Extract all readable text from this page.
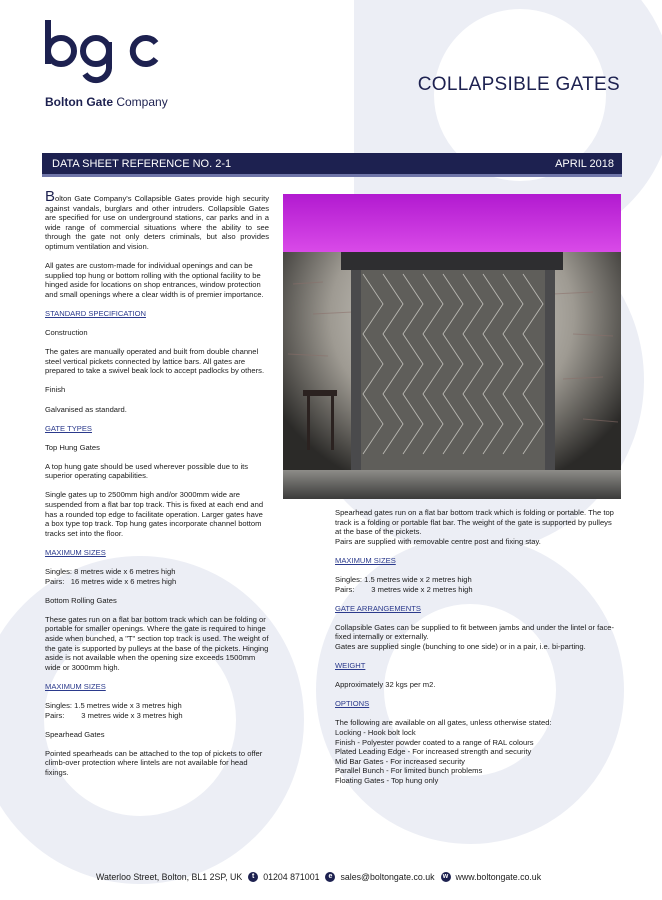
Bolton Gate Company
COLLAPSIBLE GATES
DATA SHEET REFERENCE NO. 2-1	APRIL 2018

Bolton Gate Company's Collapsible Gates provide high security against vandals, burglars and other intruders. Collapsible Gates are specified for use on underground stations, car parks and in a wide range of commercial situations where the ability to see through the gate not only deters criminals, but also provides optimum ventilation and vision.

All gates are custom-made for individual openings and can be supplied top hung or bottom rolling with the optional facility to be hinged aside for locations on shop entrances, window protection and small openings where a clear width is of premier importance.

STANDARD SPECIFICATION

Construction

The gates are manually operated and built from double channel steel vertical pickets connected by lattice bars. All gates are prepared to take a swivel beak lock to accept padlocks by others.

Finish

Galvanised as standard.

GATE TYPES

Top Hung Gates

A top hung gate should be used wherever possible due to its superior operating capabilities.

Single gates up to 2500mm high and/or 3000mm wide are suspended from a flat bar top track. This is fixed at each end and has a rounded top edge to facilitate operation. Larger gates have a box type top track. Top hung gates incorporate channel bottom tracks set into the floor.

MAXIMUM SIZES

Singles: 8 metres wide x 6 metres high
Pairs:   16 metres wide x 6 metres high

Bottom Rolling Gates

These gates run on a flat bar bottom track which can be folding or portable for smaller openings. Where the gate is required to hinge aside when bunched, a "T" section top track is used. The weight of the gate is supported by pulleys at the base of the pickets. Hinging aside is not available when the opening size exceeds 1500mm wide or 3000mm high.

MAXIMUM SIZES

Singles: 1.5 metres wide x 3 metres high
Pairs:        3 metres wide x 3 metres high

Spearhead Gates

Pointed spearheads can be attached to the top of pickets to offer climb-over protection where lintels are not available for head fixings.

Spearhead gates run on a flat bar bottom track which is folding or portable. The top track is a folding or portable flat bar. The weight of the gate is supported by pulleys at the base of the pickets.
Pairs are supplied with removable centre post and fixing stay.

MAXIMUM SIZES

Singles: 1.5 metres wide x 2 metres high
Pairs:        3 metres wide x 2 metres high

GATE ARRANGEMENTS

Collapsible Gates can be supplied to fit between jambs and under the lintel or face-fixed internally or externally.
Gates are supplied single (bunching to one side) or in a pair, i.e. bi-parting.

WEIGHT

Approximately 32 kgs per m2.

OPTIONS

The following are available on all gates, unless otherwise stated:
Locking - Hook bolt lock
Finish - Polyester powder coated to a range of RAL colours
Plated Leading Edge - For increased strength and security
Mid Bar Gates - For increased security
Parallel Bunch - For limited bunch problems
Floating Gates - Top hung only

Waterloo Street, Bolton, BL1 2SP, UK	t	01204 871001	e sales@boltongate.co.uk	w www.boltongate.co.uk
